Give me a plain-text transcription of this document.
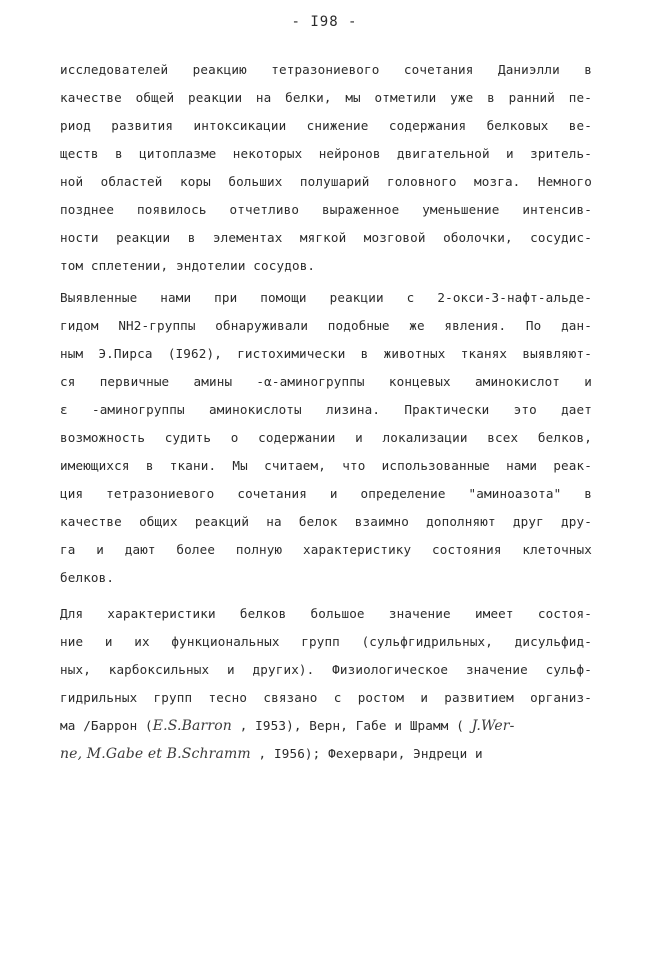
- I98 -
исследователей реакцию тетразониевого сочетания Даниэлли в
качестве общей реакции на белки, мы отметили уже в ранний пе-
риод развития интоксикации снижение содержания белковых ве-
ществ в цитоплазме некоторых нейронов двигательной и зритель-
ной областей коры больших полушарий головного мозга. Немного
позднее появилось отчетливо выраженное уменьшение интенсив-
ности реакции в элементах мягкой мозговой оболочки, сосудис-
том сплетении, эндотелии сосудов.
Выявленные нами при помощи реакции с 2-окси-3-нафт-альде-
гидом NH2-группы обнаруживали подобные же явления. По дан-
ным Э.Пирса (I962), гистохимически в животных тканях выявляют-
ся первичные амины -α-аминогруппы концевых аминокислот и
ε -аминогруппы аминокислоты лизина. Практически это дает
возможность судить о содержании и локализации всех белков,
имеющихся в ткани. Мы считаем, что использованные нами реак-
ция тетразониевого сочетания и определение "аминоазота" в
качестве общих реакций на белок взаимно дополняют друг дру-
га и дают более полную характеристику состояния клеточных
белков.
Для характеристики белков большое значение имеет состоя-
ние и их функциональных групп (сульфгидрильных, дисульфид-
ных, карбоксильных и других). Физиологическое значение сульф-
гидрильных групп тесно связано с ростом и развитием организ-
ма /Баррон (E.S.Barron , I953), Верн, Габе и Шрамм ( J.Wer-
ne, M.Gabe et B.Schramm , I956); Фехервари, Эндреци и
